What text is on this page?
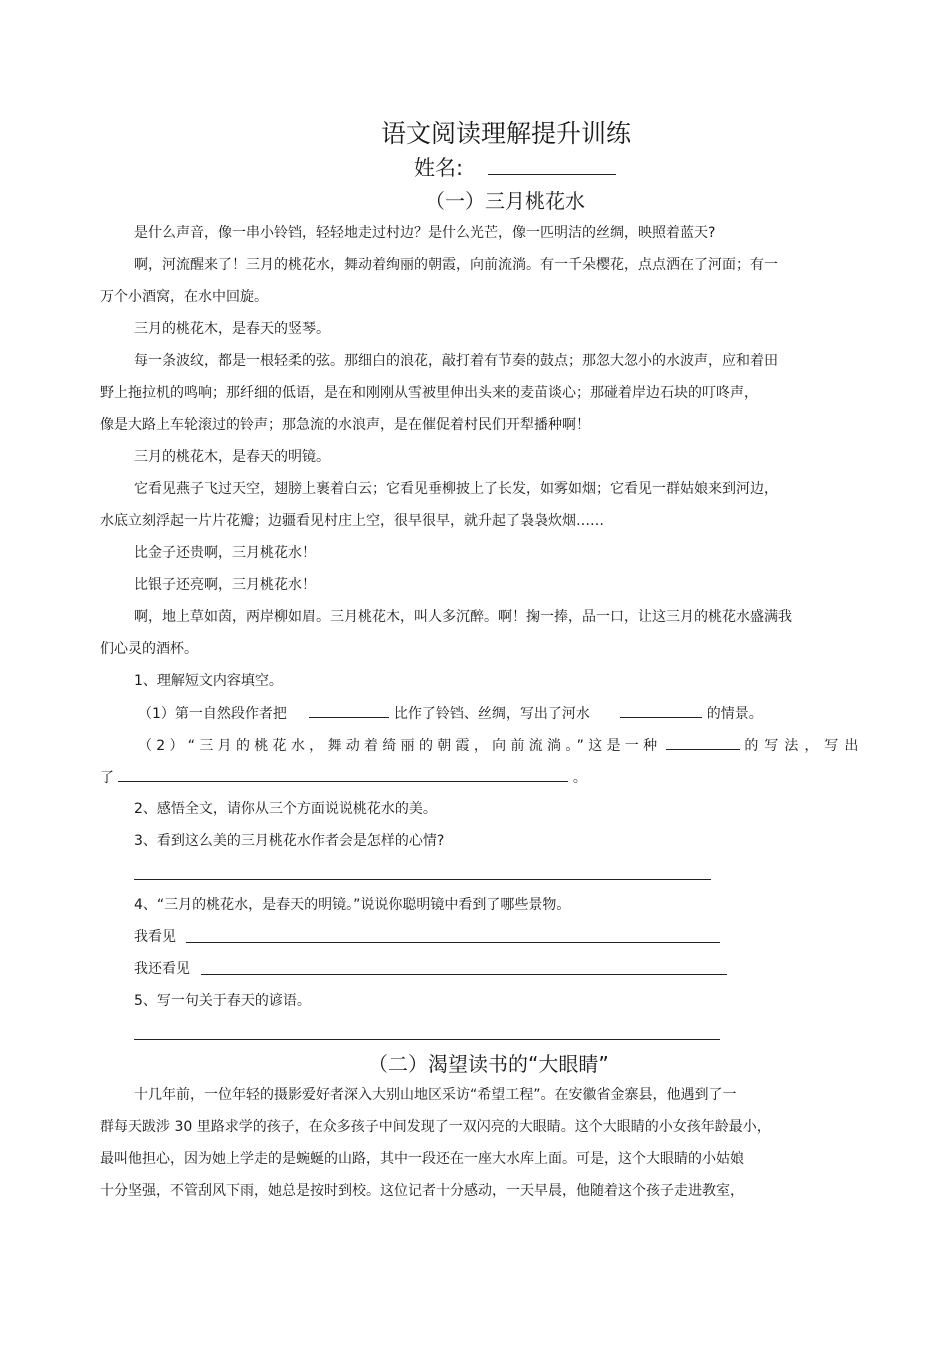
语文阅读理解提升训练
姓名:
（一）三月桃花水
是什么声音，像一串小铃铛，轻轻地走过村边？是什么光芒，像一匹明洁的丝绸，映照着蓝天?
啊，河流醒来了！三月的桃花水，舞动着绚丽的朝霞，向前流淌。有一千朵樱花，点点洒在了河面；有一
万个小酒窝，在水中回旋。
三月的桃花木，是春天的竖琴。
每一条波纹，都是一根轻柔的弦。那细白的浪花，敲打着有节奏的鼓点；那忽大忽小的水波声，应和着田
野上拖拉机的鸣响；那纤细的低语，是在和刚刚从雪被里伸出头来的麦苗谈心；那碰着岸边石块的叮咚声，
像是大路上车轮滚过的铃声；那急流的水浪声，是在催促着村民们开犁播种啊！
三月的桃花木，是春天的明镜。
它看见燕子飞过天空，翅膀上裹着白云；它看见垂柳披上了长发，如雾如烟；它看见一群姑娘来到河边，
水底立刻浮起一片片花瓣；边疆看见村庄上空，很早很早，就升起了袅袅炊烟……
比金子还贵啊，三月桃花水！
比银子还亮啊，三月桃花水！
啊，地上草如茵，两岸柳如眉。三月桃花木，叫人多沉醉。啊！掬一捧，品一口，让这三月的桃花水盛满我
们心灵的酒杯。
1、理解短文内容填空。
（1）第一自然段作者把	比作了铃铛、丝绸，写出了河水	的情景。
（2）“三月的桃花水，舞动着绮丽的朝霞，向前流淌。”这是一种	的写法，写出
了	。
2、感悟全文，请你从三个方面说说桃花水的美。
3、看到这么美的三月桃花水作者会是怎样的心情?
4、“三月的桃花水，是春天的明镜。”说说你聪明镜中看到了哪些景物。
我看见
我还看见
5、写一句关于春天的谚语。
（二）渴望读书的“大眼睛”
十几年前，一位年轻的摄影爱好者深入大别山地区采访“希望工程”。在安徽省金寨县，他遇到了一
群每天跋涉 30 里路求学的孩子，在众多孩子中间发现了一双闪亮的大眼睛。这个大眼睛的小女孩年龄最小，
最叫他担心，因为她上学走的是蜿蜒的山路，其中一段还在一座大水库上面。可是，这个大眼睛的小姑娘
十分坚强，不管刮风下雨，她总是按时到校。这位记者十分感动，一天早晨，他随着这个孩子走进教室，
